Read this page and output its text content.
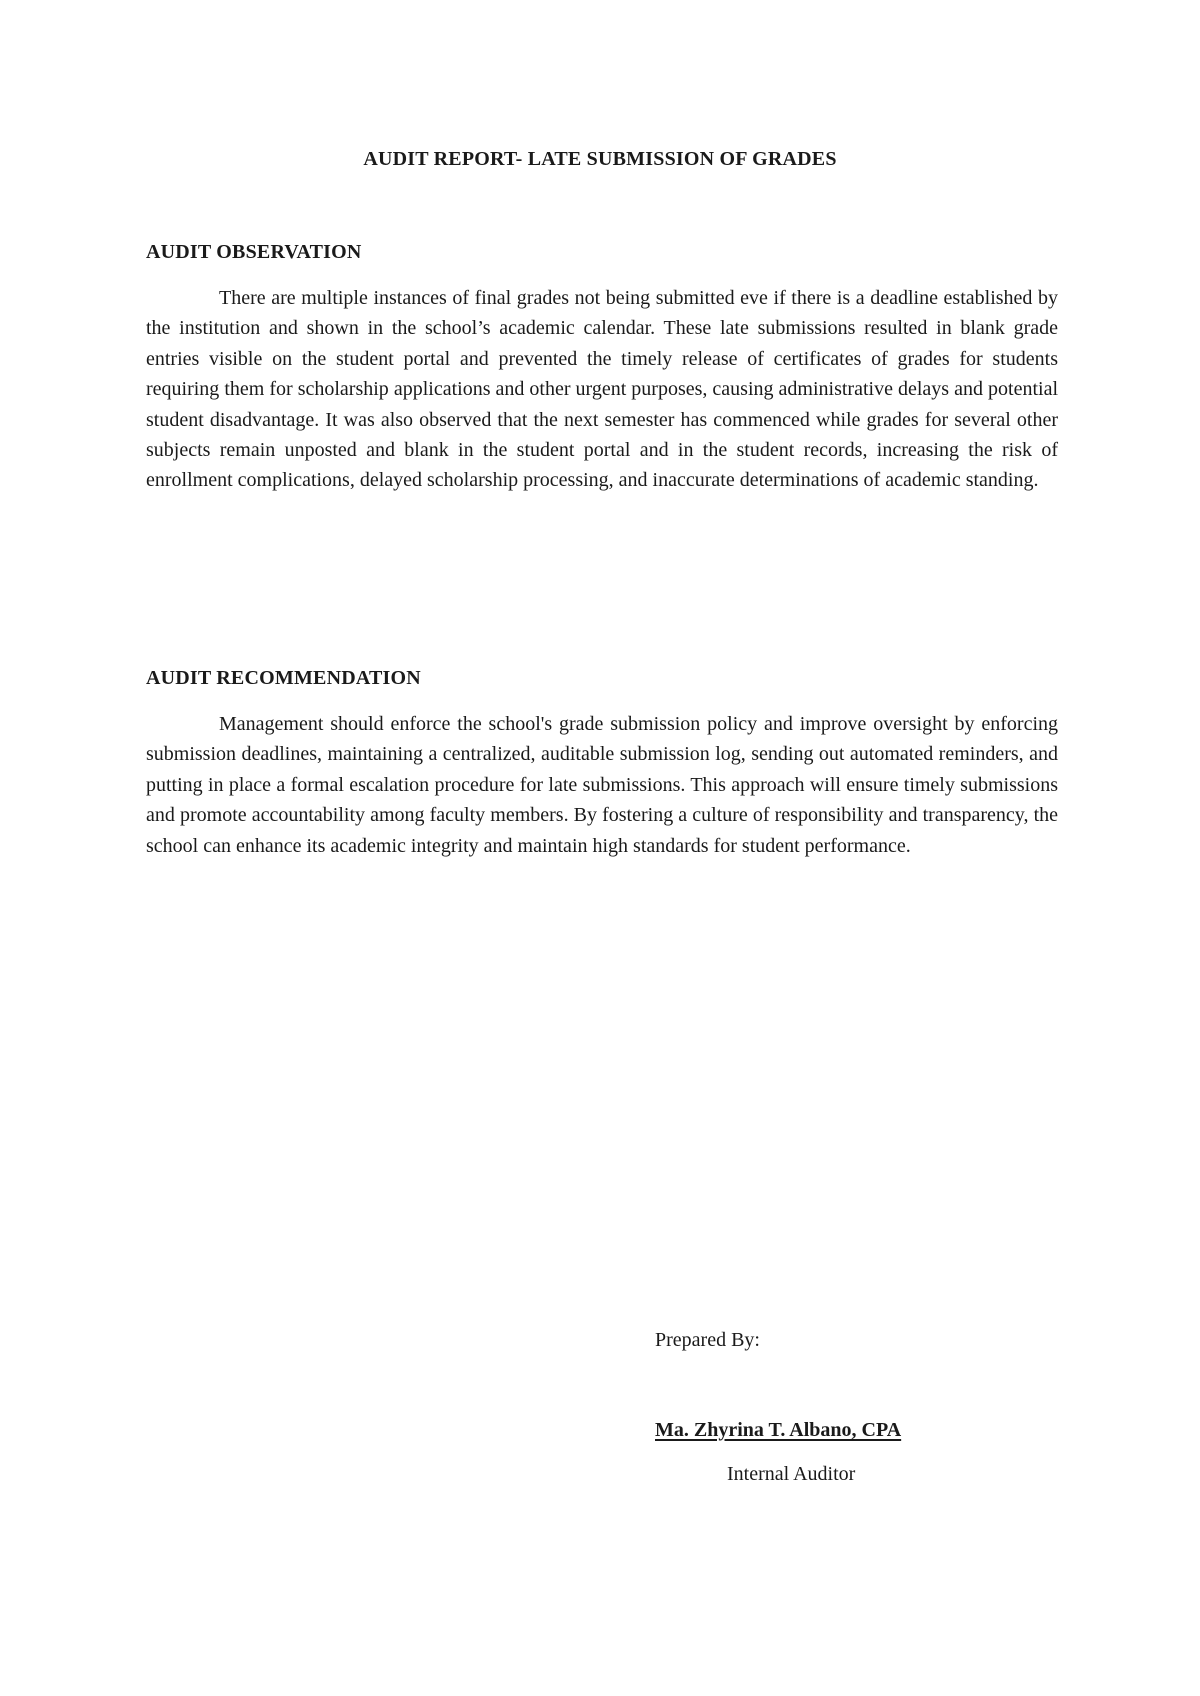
AUDIT REPORT- LATE SUBMISSION OF GRADES
AUDIT OBSERVATION

There are multiple instances of final grades not being submitted eve if there is a deadline established by the institution and shown in the school’s academic calendar. These late submissions resulted in blank grade entries visible on the student portal and prevented the timely release of certificates of grades for students requiring them for scholarship applications and other urgent purposes, causing administrative delays and potential student disadvantage. It was also observed that the next semester has commenced while grades for several other subjects remain unposted and blank in the student portal and in the student records, increasing the risk of enrollment complications, delayed scholarship processing, and inaccurate determinations of academic standing.

AUDIT RECOMMENDATION

Management should enforce the school's grade submission policy and improve oversight by enforcing submission deadlines, maintaining a centralized, auditable submission log, sending out automated reminders, and putting in place a formal escalation procedure for late submissions. This approach will ensure timely submissions and promote accountability among faculty members. By fostering a culture of responsibility and transparency, the school can enhance its academic integrity and maintain high standards for student performance.

Prepared By:
Ma. Zhyrina T. Albano, CPA
Internal Auditor
